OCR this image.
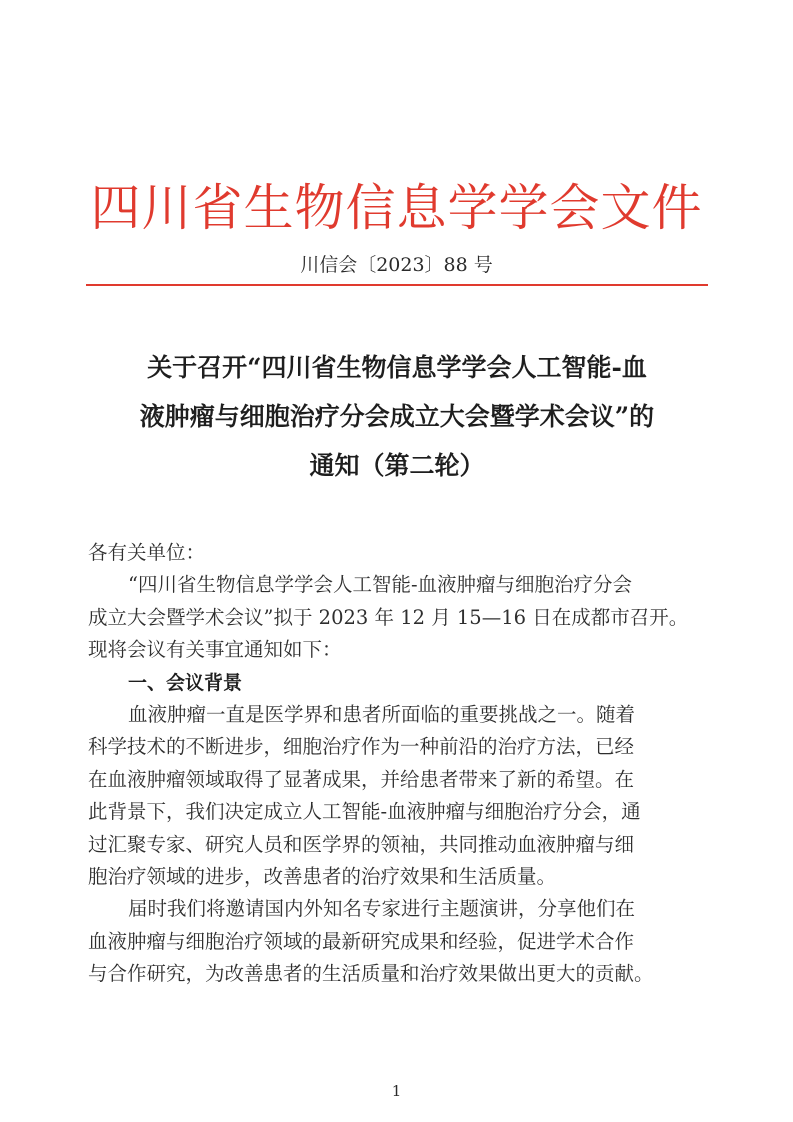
四川省生物信息学学会文件
川信会〔2023〕88 号
关于召开“四川省生物信息学学会人工智能-血
液肿瘤与细胞治疗分会成立大会暨学术会议”的
通知（第二轮）
各有关单位：
“四川省生物信息学学会人工智能-血液肿瘤与细胞治疗分会
成立大会暨学术会议”拟于 2023 年 12 月 15—16 日在成都市召开。
现将会议有关事宜通知如下：
一、会议背景
血液肿瘤一直是医学界和患者所面临的重要挑战之一。随着
科学技术的不断进步，细胞治疗作为一种前沿的治疗方法，已经
在血液肿瘤领域取得了显著成果，并给患者带来了新的希望。在
此背景下，我们决定成立人工智能-血液肿瘤与细胞治疗分会，通
过汇聚专家、研究人员和医学界的领袖，共同推动血液肿瘤与细
胞治疗领域的进步，改善患者的治疗效果和生活质量。
届时我们将邀请国内外知名专家进行主题演讲，分享他们在
血液肿瘤与细胞治疗领域的最新研究成果和经验，促进学术合作
与合作研究，为改善患者的生活质量和治疗效果做出更大的贡献。
1
